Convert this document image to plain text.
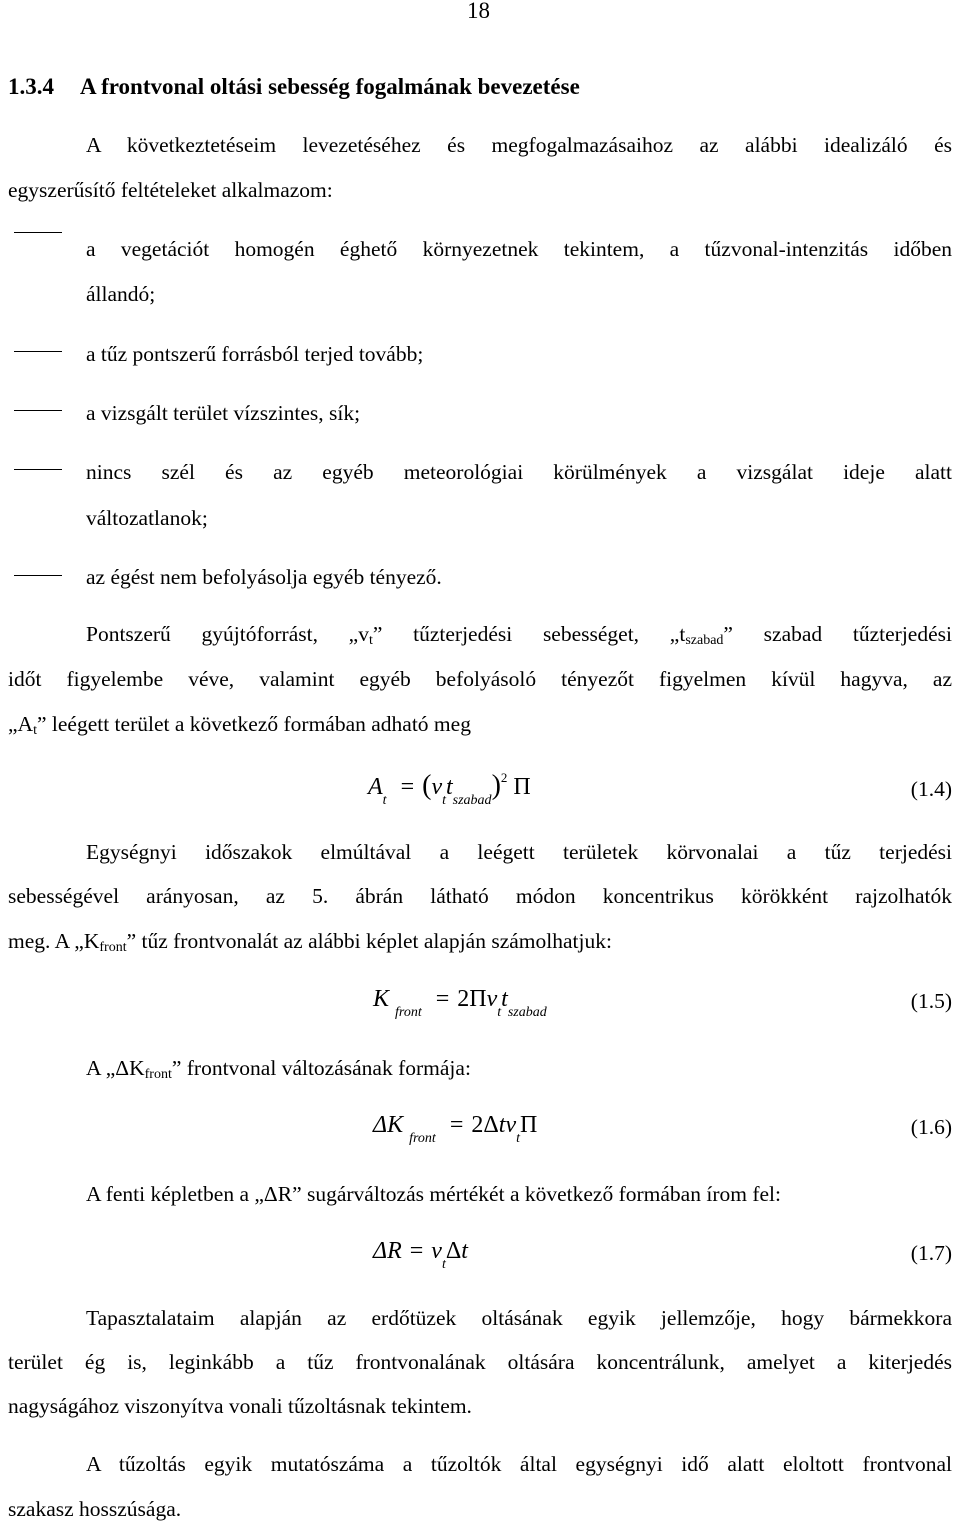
18
1.3.4 A frontvonal oltási sebesség fogalmának bevezetése
A következtetéseim levezetéséhez és megfogalmazásaihoz az alábbi idealizáló és
egyszerűsítő feltételeket alkalmazom:
a vegetációt homogén éghető környezetnek tekintem, a tűzvonal-intenzitás időben
állandó;
a tűz pontszerű forrásból terjed tovább;
a vizsgált terület vízszintes, sík;
nincs szél és az egyéb meteorológiai körülmények a vizsgálat ideje alatt
változatlanok;
az égést nem befolyásolja egyéb tényező.
Pontszerű gyújtóforrást, $„v_t$” tűzterjedési sebességet, $„t_{szabad}$” szabad tűzterjedési
időt figyelembe véve, valamint egyéb befolyásoló tényezőt figyelmen kívül hagyva, az
$„A_t$” leégett terület a következő formában adható meg
$A_t = (v_tt_{szabad})^2$ Π	(1.4)
Egységnyi időszakok elmúltával a leégett területek körvonalai a tűz terjedési
sebességével arányosan, az 5. ábrán látható módon koncentrikus körökként rajzolhatók
meg. A $„K_{front}$” tűz frontvonalát az alábbi képlet alapján számolhatjuk:
$K_{front} = 2\Pi v_tt_{szabad}$	(1.5)
A $„\Delta K_{front}$” frontvonal változásának formája:
$\Delta K_{front} = 2\Delta tv_t\Pi$	(1.6)
A fenti képletben a „ΔR” sugárváltozás mértékét a következő formában írom fel:
$\Delta R = v_t\Delta t$	(1.7)
Tapasztalataim alapján az erdőtüzek oltásának egyik jellemzője, hogy bármekkora
terület ég is, leginkább a tűz frontvonalának oltására koncentrálunk, amelyet a kiterjedés
nagyságához viszonyítva vonali tűzoltásnak tekintem.
A tűzoltás egyik mutatószáma a tűzoltók által egységnyi idő alatt eloltott frontvonal
szakasz hosszúsága.
